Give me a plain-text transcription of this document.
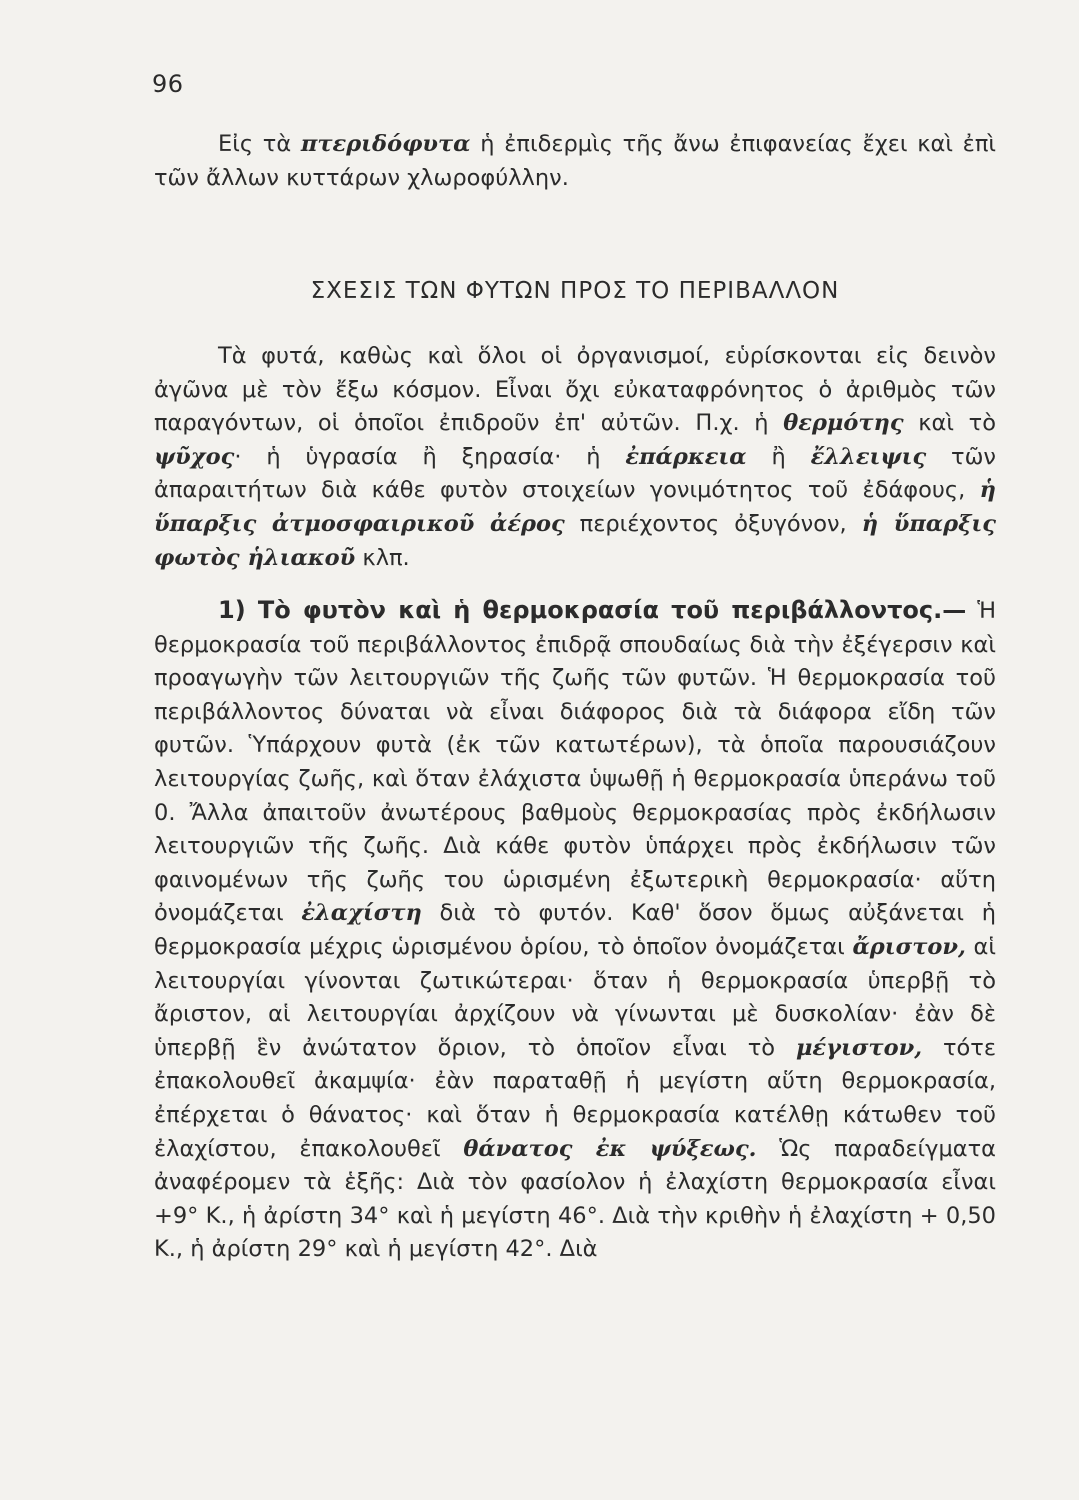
96

Εἰς τὰ πτεριδόφυτα ἡ ἐπιδερμὶς τῆς ἄνω ἐπιφανείας ἔχει καὶ ἐπὶ τῶν ἄλλων κυττάρων χλωροφύλλην.

ΣΧΕΣΙΣ ΤΩΝ ΦΥΤΩΝ ΠΡΟΣ ΤΟ ΠΕΡΙΒΑΛΛΟΝ

Τὰ φυτά, καθὼς καὶ ὅλοι οἱ ὀργανισμοί, εὑρίσκονται εἰς δεινὸν ἀγῶνα μὲ τὸν ἔξω κόσμον. Εἶναι ὄχι εὐκαταφρόνητος ὁ ἀριθμὸς τῶν παραγόντων, οἱ ὁποῖοι ἐπιδροῦν ἐπ' αὐτῶν. Π.χ. ἡ θερμότης καὶ τὸ ψῦχος· ἡ ὑγρασία ἢ ξηρασία· ἡ ἐπάρκεια ἢ ἔλλειψις τῶν ἀπαραιτήτων διὰ κάθε φυτὸν στοιχείων γονιμότητος τοῦ ἐδάφους, ἡ ὕπαρξις ἀτμοσφαιρικοῦ ἀέρος περιέχοντος ὀξυγόνον, ἡ ὕπαρξις φωτὸς ἡλιακοῦ κλπ.

1) Τὸ φυτὸν καὶ ἡ θερμοκρασία τοῦ περιβάλλοντος.— Ἡ θερμοκρασία τοῦ περιβάλλοντος ἐπιδρᾷ σπουδαίως διὰ τὴν ἐξέγερσιν καὶ προαγωγὴν τῶν λειτουργιῶν τῆς ζωῆς τῶν φυτῶν. Ἡ θερμοκρασία τοῦ περιβάλλοντος δύναται νὰ εἶναι διάφορος διὰ τὰ διάφορα εἴδη τῶν φυτῶν. Ὑπάρχουν φυτὰ (ἐκ τῶν κατωτέρων), τὰ ὁποῖα παρουσιάζουν λειτουργίας ζωῆς, καὶ ὅταν ἐλάχιστα ὑψωθῇ ἡ θερμοκρασία ὑπεράνω τοῦ 0. Ἄλλα ἀπαιτοῦν ἀνωτέρους βαθμοὺς θερμοκρασίας πρὸς ἐκδήλωσιν λειτουργιῶν τῆς ζωῆς. Διὰ κάθε φυτὸν ὑπάρχει πρὸς ἐκδήλωσιν τῶν φαινομένων τῆς ζωῆς του ὡρισμένη ἐξωτερικὴ θερμοκρασία· αὕτη ὀνομάζεται ἐλαχίστη διὰ τὸ φυτόν. Καθ' ὅσον ὅμως αὐξάνεται ἡ θερμοκρασία μέχρις ὡρισμένου ὁρίου, τὸ ὁποῖον ὀνομάζεται ἄριστον, αἱ λειτουργίαι γίνονται ζωτικώτεραι· ὅταν ἡ θερμοκρασία ὑπερβῇ τὸ ἄριστον, αἱ λειτουργίαι ἀρχίζουν νὰ γίνωνται μὲ δυσκολίαν· ἐὰν δὲ ὑπερβῇ ἓν ἀνώτατον ὅριον, τὸ ὁποῖον εἶναι τὸ μέγιστον, τότε ἐπακολουθεῖ ἀκαμψία· ἐὰν παραταθῇ ἡ μεγίστη αὕτη θερμοκρασία, ἐπέρχεται ὁ θάνατος· καὶ ὅταν ἡ θερμοκρασία κατέλθῃ κάτωθεν τοῦ ἐλαχίστου, ἐπακολουθεῖ θάνατος ἐκ ψύξεως. Ὡς παραδείγματα ἀναφέρομεν τὰ ἑξῆς: Διὰ τὸν φασίολον ἡ ἐλαχίστη θερμοκρασία εἶναι +9° Κ., ἡ ἀρίστη 34° καὶ ἡ μεγίστη 46°. Διὰ τὴν κριθὴν ἡ ἐλαχίστη + 0,50 Κ., ἡ ἀρίστη 29° καὶ ἡ μεγίστη 42°. Διὰ
